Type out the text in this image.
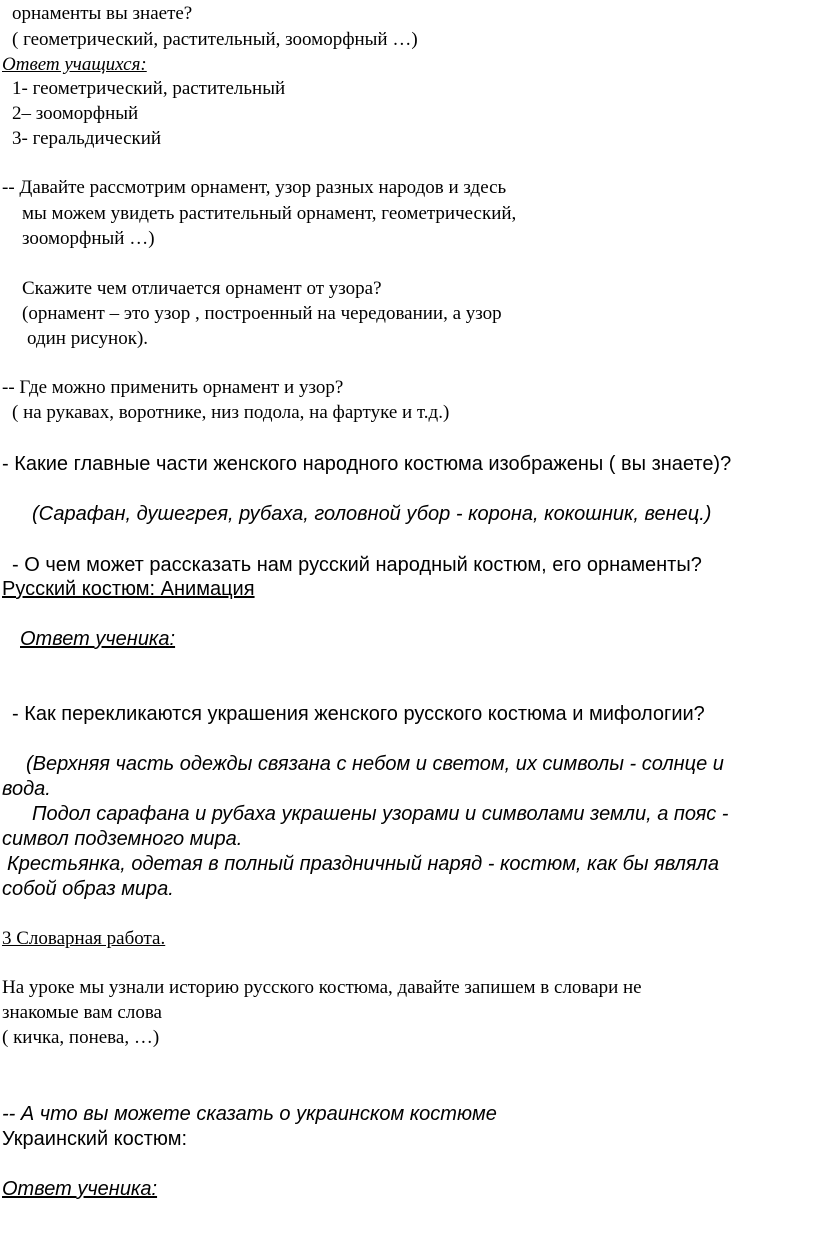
орнаменты вы знаете?

( геометрический, растительный, зооморфный …)

Ответ учащихся:

1- геометрический, растительный

2– зооморфный

3- геральдический

-- Давайте рассмотрим орнамент, узор разных народов и здесь

мы можем увидеть растительный орнамент, геометрический,

зооморфный …)

Скажите чем отличается орнамент от узора?

(орнамент – это узор , построенный на чередовании, а узор

один рисунок).

-- Где можно применить орнамент и узор?

( на рукавах, воротнике, низ подола, на фартуке и т.д.)

- Какие главные части женского народного костюма изображены ( вы знаете)?

(Сарафан, душегрея, рубаха, головной убор - корона, кокошник, венец.)

- О чем может рассказать нам русский народный костюм, его орнаменты?

Русский костюм: Анимация

Ответ ученика:

- Как перекликаются украшения женского русского костюма и мифологии?

(Верхняя часть одежды связана с небом и светом, их символы - солнце и

вода.

Подол сарафана и рубаха украшены узорами и символами земли, а пояс -

символ подземного мира.

Крестьянка, одетая в полный праздничный наряд - костюм, как бы являла

собой образ мира.

3 Словарная работа.

На уроке мы узнали историю русского костюма, давайте запишем в словари не

знакомые вам слова

( кичка, понева, …)

-- А что вы можете сказать о украинском костюме

Украинский костюм:

Ответ ученика:
